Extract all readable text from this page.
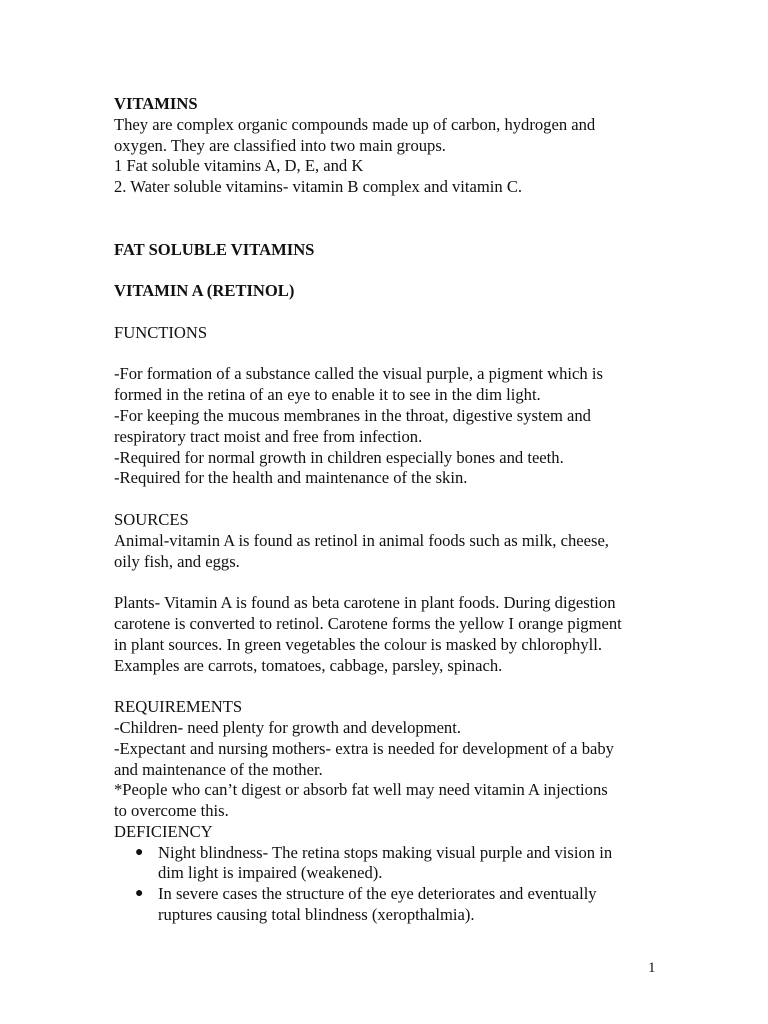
VITAMINS

They are complex organic compounds made up of carbon, hydrogen and

oxygen. They are classified into two main groups.

1 Fat soluble vitamins A, D, E, and K

2. Water soluble vitamins- vitamin B complex and vitamin C.

FAT SOLUBLE VITAMINS

VITAMIN A (RETINOL)

FUNCTIONS

-For formation of a substance called the visual purple, a pigment which is

formed in the retina of an eye to enable it to see in the dim light.

-For keeping the mucous membranes in the throat, digestive system and

respiratory tract moist and free from infection.

-Required for normal growth in children especially bones and teeth.

-Required for the health and maintenance of the skin.

SOURCES

Animal-vitamin A is found as retinol in animal foods such as milk, cheese,

oily fish, and eggs.

Plants- Vitamin A is found as beta carotene in plant foods. During digestion

carotene is converted to retinol. Carotene forms the yellow I orange pigment

in plant sources. In green vegetables the colour is masked by chlorophyll.

Examples are carrots, tomatoes, cabbage, parsley, spinach.

REQUIREMENTS

-Children- need plenty for growth and development.

-Expectant and nursing mothers- extra is needed for development of a baby

and maintenance of the mother.

*People who can’t digest or absorb fat well may need vitamin A injections

to overcome this.

DEFICIENCY

● Night blindness- The retina stops making visual purple and vision in

dim light is impaired (weakened).

● In severe cases the structure of the eye deteriorates and eventually

ruptures causing total blindness (xeropthalmia).

1
